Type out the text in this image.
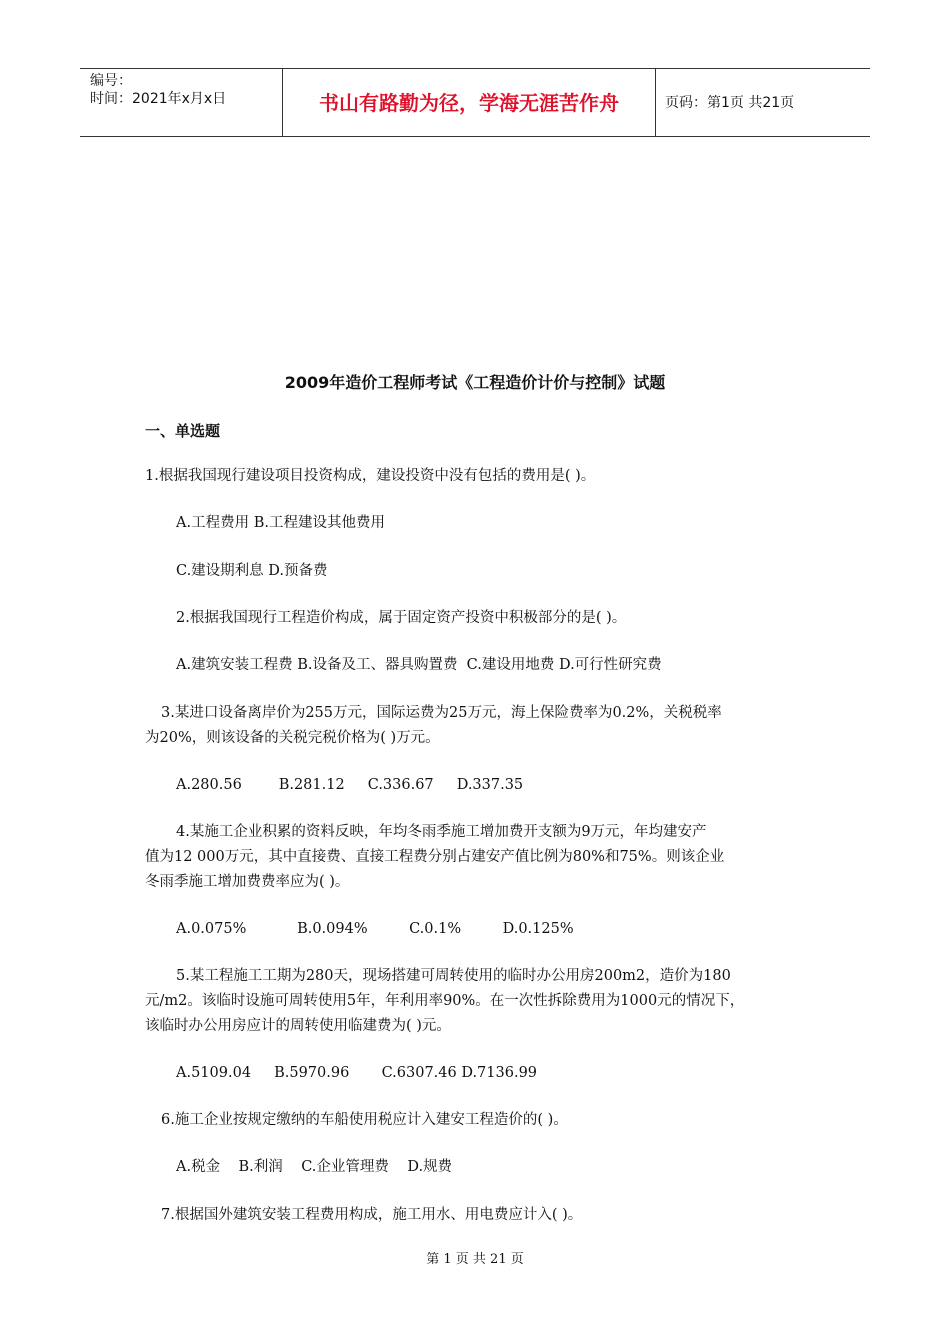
编号：
时间：2021年x月x日	书山有路勤为径，学海无涯苦作舟	页码：第1页 共21页
2009年造价工程师考试《工程造价计价与控制》试题
一、单选题
1.根据我国现行建设项目投资构成，建设投资中没有包括的费用是( )。
A.工程费用 B.工程建设其他费用
C.建设期利息 D.预备费
2.根据我国现行工程造价构成，属于固定资产投资中积极部分的是( )。
A.建筑安装工程费 B.设备及工、器具购置费  C.建设用地费 D.可行性研究费
3.某进口设备离岸价为255万元，国际运费为25万元，海上保险费率为0.2%，关税税率
为20%，则该设备的关税完税价格为( )万元。
A.280.56        B.281.12     C.336.67     D.337.35
4.某施工企业积累的资料反映，年均冬雨季施工增加费开支额为9万元，年均建安产
值为12 000万元，其中直接费、直接工程费分别占建安产值比例为80%和75%。则该企业
冬雨季施工增加费费率应为( )。
A.0.075%           B.0.094%         C.0.1%         D.0.125%
5.某工程施工工期为280天，现场搭建可周转使用的临时办公用房200m2，造价为180
元/m2。该临时设施可周转使用5年，年利用率90%。在一次性拆除费用为1000元的情况下，
该临时办公用房应计的周转使用临建费为( )元。
A.5109.04     B.5970.96       C.6307.46 D.7136.99
6.施工企业按规定缴纳的车船使用税应计入建安工程造价的( )。
A.税金    B.利润    C.企业管理费    D.规费
7.根据国外建筑安装工程费用构成，施工用水、用电费应计入( )。
第 1 页 共 21 页
